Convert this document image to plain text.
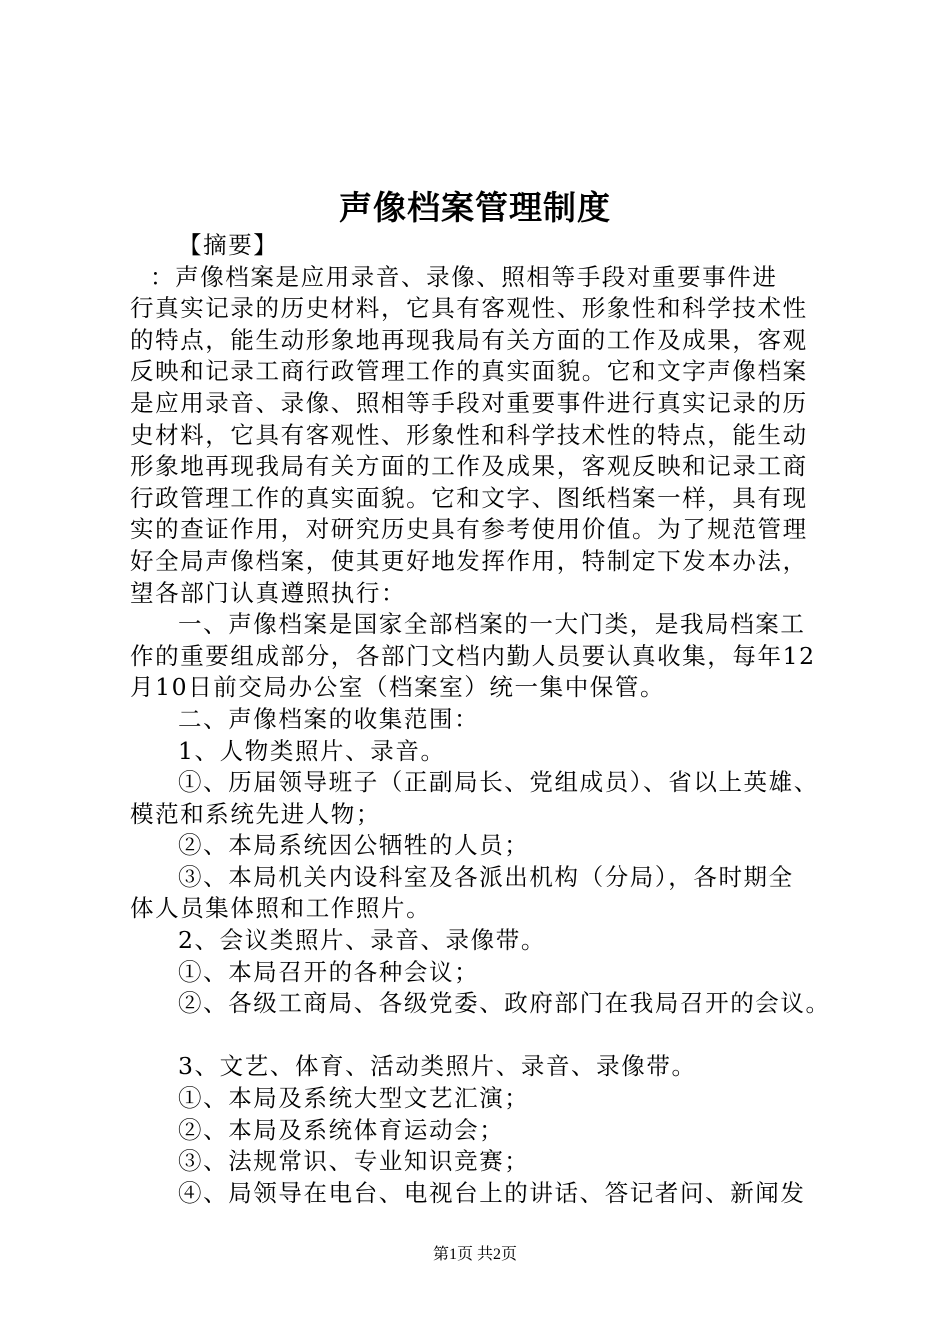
声像档案管理制度
【摘要】
：声像档案是应用录音、录像、照相等手段对重要事件进
行真实记录的历史材料，它具有客观性、形象性和科学技术性
的特点，能生动形象地再现我局有关方面的工作及成果，客观
反映和记录工商行政管理工作的真实面貌。它和文字声像档案
是应用录音、录像、照相等手段对重要事件进行真实记录的历
史材料，它具有客观性、形象性和科学技术性的特点，能生动
形象地再现我局有关方面的工作及成果，客观反映和记录工商
行政管理工作的真实面貌。它和文字、图纸档案一样，具有现
实的查证作用，对研究历史具有参考使用价值。为了规范管理
好全局声像档案，使其更好地发挥作用，特制定下发本办法，
望各部门认真遵照执行：
一、声像档案是国家全部档案的一大门类，是我局档案工
作的重要组成部分，各部门文档内勤人员要认真收集，每年12
月10日前交局办公室（档案室）统一集中保管。
二、声像档案的收集范围：
1、人物类照片、录音。
①、历届领导班子（正副局长、党组成员）、省以上英雄、
模范和系统先进人物；
②、本局系统因公牺牲的人员；
③、本局机关内设科室及各派出机构（分局），各时期全
体人员集体照和工作照片。
2、会议类照片、录音、录像带。
①、本局召开的各种会议；
②、各级工商局、各级党委、政府部门在我局召开的会议。
3、文艺、体育、活动类照片、录音、录像带。
①、本局及系统大型文艺汇演；
②、本局及系统体育运动会；
③、法规常识、专业知识竞赛；
④、局领导在电台、电视台上的讲话、答记者问、新闻发
第1页 共2页
